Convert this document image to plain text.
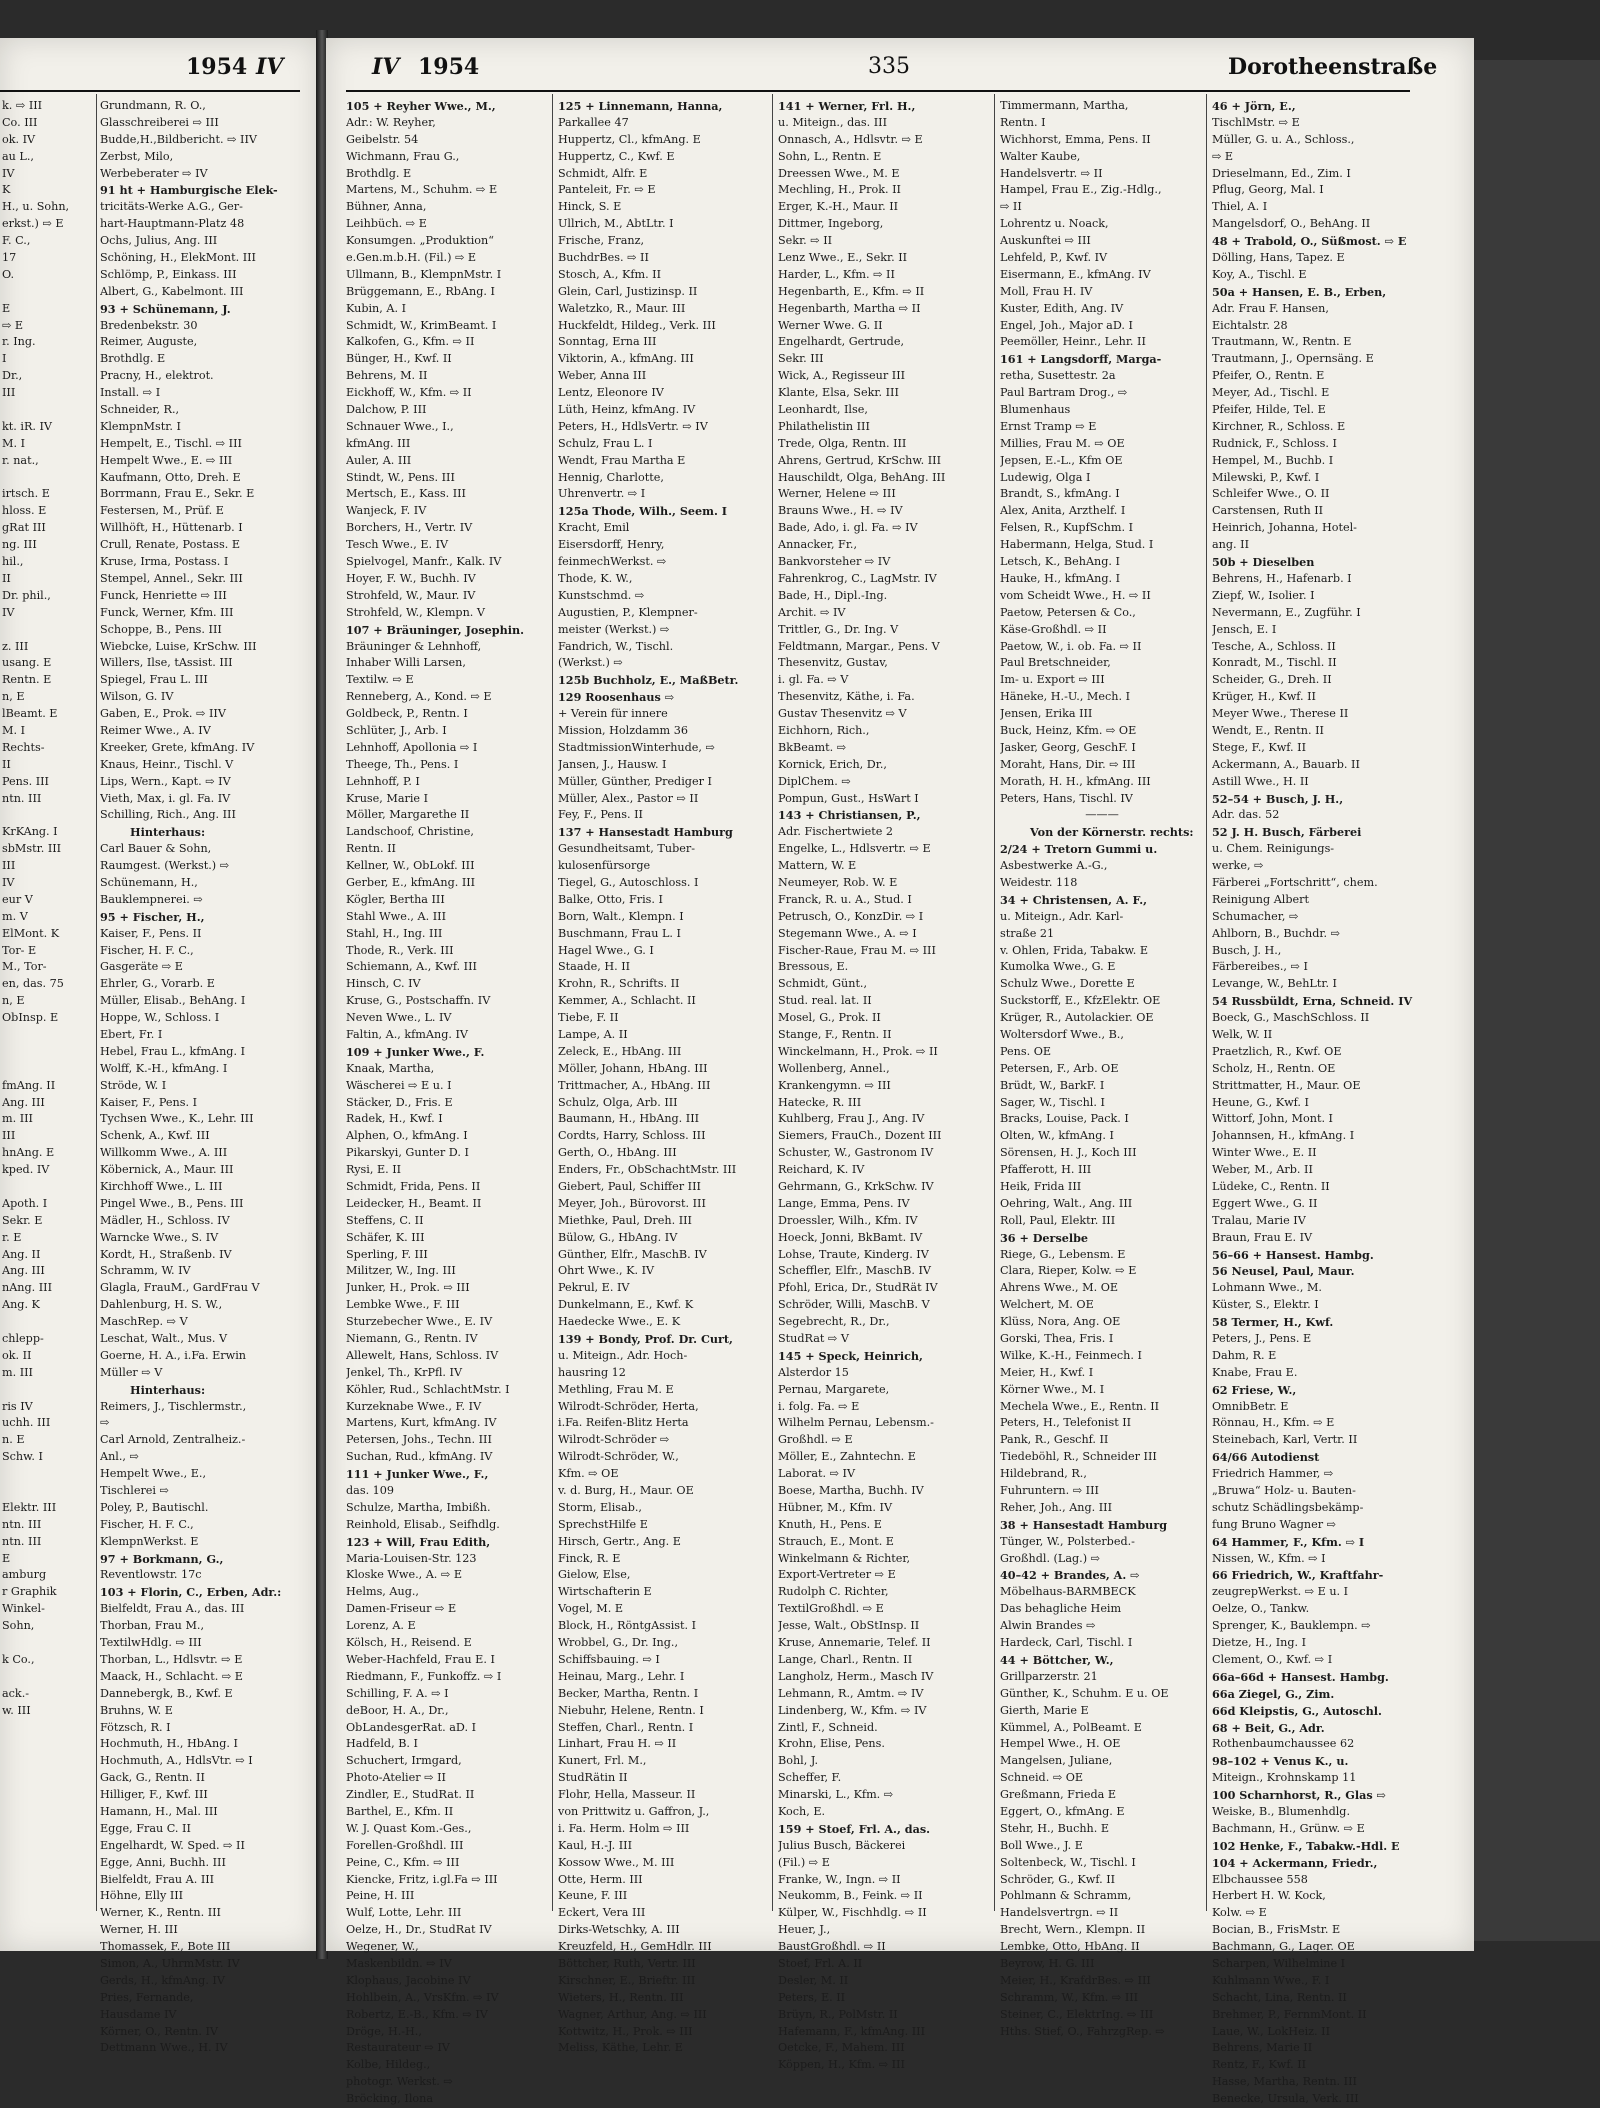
1954 IV	IV 1954	335	Dorotheenstraße
k. ⇨ III
Co. III
ok. IV
au L.,
IV
K
H., u. Sohn,
erkst.) ⇨ E
F. C.,
17
O.
E
⇨ E
r. Ing.
I
Dr.,
III
kt. iR. IV
M. I
r. nat.,
irtsch. E
hloss. E
gRat III
ng. III
hil.,
II
Dr. phil.,
IV
z. III
usang. E
Rentn. E
n, E
lBeamt. E
M. I
Rechts-
II
Pens. III
ntn. III
KrKAng. I
sbMstr. III
III
IV
eur V
m. V
ElMont. K
Tor- E
M., Tor-
en, das. 75
n, E
ObInsp. E
fmAng. II
Ang. III
m. III
III
hnAng. E
kped. IV
Apoth. I
Sekr. E
r. E
Ang. II
Ang. III
nAng. III
Ang. K
chlepp-
ok. II
m. III
ris IV
uchh. III
n. E
Schw. I
Elektr. III
ntn. III
ntn. III
E
amburg
r Graphik
Winkel-
Sohn,
k Co.,
ack.-
w. III
Grundmann, R. O.,
Glasschreiberei ⇨ III
Budde,H.,Bildbericht. ⇨ IIV
Zerbst, Milo,
Werbeberater ⇨ IV
91 ht + Hamburgische Elek-
tricitäts-Werke A.G., Ger-
hart-Hauptmann-Platz 48
Ochs, Julius, Ang. III
Schöning, H., ElekMont. III
Schlömp, P., Einkass. III
Albert, G., Kabelmont. III
93 + Schünemann, J.
Bredenbekstr. 30
Reimer, Auguste,
Brothdlg. E
Pracny, H., elektrot.
Install. ⇨ I
Schneider, R.,
KlempnMstr. I
Hempelt, E., Tischl. ⇨ III
Hempelt Wwe., E. ⇨ III
Kaufmann, Otto, Dreh. E
Borrmann, Frau E., Sekr. E
Festersen, M., Prüf. E
Willhöft, H., Hüttenarb. I
Crull, Renate, Postass. E
Kruse, Irma, Postass. I
Stempel, Annel., Sekr. III
Funck, Henriette ⇨ III
Funck, Werner, Kfm. III
Schoppe, B., Pens. III
Wiebcke, Luise, KrSchw. III
Willers, Ilse, tAssist. III
Spiegel, Frau L. III
Wilson, G. IV
Gaben, E., Prok. ⇨ IIV
Reimer Wwe., A. IV
Kreeker, Grete, kfmAng. IV
Knaus, Heinr., Tischl. V
Lips, Wern., Kapt. ⇨ IV
Vieth, Max, i. gl. Fa. IV
Schilling, Rich., Ang. III
Hinterhaus:
Carl Bauer & Sohn,
Raumgest. (Werkst.) ⇨
Schünemann, H.,
Bauklempnerei. ⇨
95 + Fischer, H.,
Kaiser, F., Pens. II
Fischer, H. F. C.,
Gasgeräte ⇨ E
Ehrler, G., Vorarb. E
Müller, Elisab., BehAng. I
Hoppe, W., Schloss. I
Ebert, Fr. I
Hebel, Frau L., kfmAng. I
Wolff, K.-H., kfmAng. I
Ströde, W. I
Kaiser, F., Pens. I
Tychsen Wwe., K., Lehr. III
Schenk, A., Kwf. III
Willkomm Wwe., A. III
Köbernick, A., Maur. III
Kirchhoff Wwe., L. III
Pingel Wwe., B., Pens. III
Mädler, H., Schloss. IV
Warncke Wwe., S. IV
Kordt, H., Straßenb. IV
Schramm, W. IV
Glagla, FrauM., GardFrau V
Dahlenburg, H. S. W.,
MaschRep. ⇨ V
Leschat, Walt., Mus. V
Goerne, H. A., i.Fa. Erwin
Müller ⇨ V
Hinterhaus:
Reimers, J., Tischlermstr.,
⇨
Carl Arnold, Zentralheiz.-
Anl., ⇨
Hempelt Wwe., E.,
Tischlerei ⇨
Poley, P., Bautischl.
Fischer, H. F. C.,
KlempnWerkst. E
97 + Borkmann, G.,
Reventlowstr. 17c
103 + Florin, C., Erben, Adr.:
Bielfeldt, Frau A., das. III
Thorban, Frau M.,
TextilwHdlg. ⇨ III
Thorban, L., Hdlsvtr. ⇨ E
Maack, H., Schlacht. ⇨ E
Dannebergk, B., Kwf. E
Bruhns, W. E
Fötzsch, R. I
Hochmuth, H., HbAng. I
Hochmuth, A., HdlsVtr. ⇨ I
Gack, G., Rentn. II
Hilliger, F., Kwf. III
Hamann, H., Mal. III
Egge, Frau C. II
Engelhardt, W. Sped. ⇨ II
Egge, Anni, Buchh. III
Bielfeldt, Frau A. III
Höhne, Elly III
Werner, K., Rentn. III
Werner, H. III
Thomassek, F., Bote III
Simon, A., UhrmMstr. IV
Gerds, H., kfmAng. IV
Pries, Fernande,
Hausdame IV
Körner, O., Rentn. IV
Dettmann Wwe., H. IV
105 + Reyher Wwe., M.,
Adr.: W. Reyher,
Geibelstr. 54
Wichmann, Frau G.,
Brothdlg. E
Martens, M., Schuhm. ⇨ E
Bühner, Anna,
Leihbüch. ⇨ E
Konsumgen. „Produktion“
e.Gen.m.b.H. (Fil.) ⇨ E
Ullmann, B., KlempnMstr. I
Brüggemann, E., RbAng. I
Kubin, A. I
Schmidt, W., KrimBeamt. I
Kalkofen, G., Kfm. ⇨ II
Bünger, H., Kwf. II
Behrens, M. II
Eickhoff, W., Kfm. ⇨ II
Dalchow, P. III
Schnauer Wwe., I.,
kfmAng. III
Auler, A. III
Stindt, W., Pens. III
Mertsch, E., Kass. III
Wanjeck, F. IV
Borchers, H., Vertr. IV
Tesch Wwe., E. IV
Spielvogel, Manfr., Kalk. IV
Hoyer, F. W., Buchh. IV
Strohfeld, W., Maur. IV
Strohfeld, W., Klempn. V
107 + Bräuninger, Josephin.
Bräuninger & Lehnhoff,
Inhaber Willi Larsen,
Textilw. ⇨ E
Renneberg, A., Kond. ⇨ E
Goldbeck, P., Rentn. I
Schlüter, J., Arb. I
Lehnhoff, Apollonia ⇨ I
Theege, Th., Pens. I
Lehnhoff, P. I
Kruse, Marie I
Möller, Margarethe II
Landschoof, Christine,
Rentn. II
Kellner, W., ObLokf. III
Gerber, E., kfmAng. III
Kögler, Bertha III
Stahl Wwe., A. III
Stahl, H., Ing. III
Thode, R., Verk. III
Schiemann, A., Kwf. III
Hinsch, C. IV
Kruse, G., Postschaffn. IV
Neven Wwe., L. IV
Faltin, A., kfmAng. IV
109 + Junker Wwe., F.
Knaak, Martha,
Wäscherei ⇨ E u. I
Stäcker, D., Fris. E
Radek, H., Kwf. I
Alphen, O., kfmAng. I
Pikarskyi, Gunter D. I
Rysi, E. II
Schmidt, Frida, Pens. II
Leidecker, H., Beamt. II
Steffens, C. II
Schäfer, K. III
Sperling, F. III
Militzer, W., Ing. III
Junker, H., Prok. ⇨ III
Lembke Wwe., F. III
Sturzebecher Wwe., E. IV
Niemann, G., Rentn. IV
Allewelt, Hans, Schloss. IV
Jenkel, Th., KrPfl. IV
Köhler, Rud., SchlachtMstr. I
Kurzeknabe Wwe., F. IV
Martens, Kurt, kfmAng. IV
Petersen, Johs., Techn. III
Suchan, Rud., kfmAng. IV
111 + Junker Wwe., F.,
das. 109
Schulze, Martha, Imbißh.
Reinhold, Elisab., Seifhdlg.
123 + Will, Frau Edith,
Maria-Louisen-Str. 123
Kloske Wwe., A. ⇨ E
Helms, Aug.,
Damen-Friseur ⇨ E
Lorenz, A. E
Kölsch, H., Reisend. E
Weber-Hachfeld, Frau E. I
Riedmann, F., Funkoffz. ⇨ I
Schilling, F. A. ⇨ I
deBoor, H. A., Dr.,
ObLandesgerRat. aD. I
Hadfeld, B. I
Schuchert, Irmgard,
Photo-Atelier ⇨ II
Zindler, E., StudRat. II
Barthel, E., Kfm. II
W. J. Quast Kom.-Ges.,
Forellen-Großhdl. III
Peine, C., Kfm. ⇨ III
Kiencke, Fritz, i.gl.Fa ⇨ III
Peine, H. III
Wulf, Lotte, Lehr. III
Oelze, H., Dr., StudRat IV
Wegener, W.,
Maskenbildn. ⇨ IV
Klophaus, Jacobine IV
Hohlbein, A., VrsKfm. ⇨ IV
Robertz, E.-B., Kfm. ⇨ IV
Dröge, H.-H.,
Restaurateur ⇨ IV
Kolbe, Hildeg.,
photogr. Werkst. ⇨
Bröcking, Ilona
125 + Linnemann, Hanna,
Parkallee 47
Huppertz, Cl., kfmAng. E
Huppertz, C., Kwf. E
Schmidt, Alfr. E
Panteleit, Fr. ⇨ E
Hinck, S. E
Ullrich, M., AbtLtr. I
Frische, Franz,
BuchdrBes. ⇨ II
Stosch, A., Kfm. II
Glein, Carl, Justizinsp. II
Waletzko, R., Maur. III
Huckfeldt, Hildeg., Verk. III
Sonntag, Erna III
Viktorin, A., kfmAng. III
Weber, Anna III
Lentz, Eleonore IV
Lüth, Heinz, kfmAng. IV
Peters, H., HdlsVertr. ⇨ IV
Schulz, Frau L. I
Wendt, Frau Martha E
Hennig, Charlotte,
Uhrenvertr. ⇨ I
125a Thode, Wilh., Seem. I
Kracht, Emil
Eisersdorff, Henry,
feinmechWerkst. ⇨
Thode, K. W.,
Kunstschmd. ⇨
Augustien, P., Klempner-
meister (Werkst.) ⇨
Fandrich, W., Tischl.
(Werkst.) ⇨
125b Buchholz, E., MaßBetr.
129 Roosenhaus ⇨
+ Verein für innere
Mission, Holzdamm 36
StadtmissionWinterhude, ⇨
Jansen, J., Hausw. I
Müller, Günther, Prediger I
Müller, Alex., Pastor ⇨ II
Fey, F., Pens. II
137 + Hansestadt Hamburg
Gesundheitsamt, Tuber-
kulosenfürsorge
Tiegel, G., Autoschloss. I
Balke, Otto, Fris. I
Born, Walt., Klempn. I
Buschmann, Frau L. I
Hagel Wwe., G. I
Staade, H. II
Krohn, R., Schrifts. II
Kemmer, A., Schlacht. II
Tiebe, F. II
Lampe, A. II
Zeleck, E., HbAng. III
Möller, Johann, HbAng. III
Trittmacher, A., HbAng. III
Schulz, Olga, Arb. III
Baumann, H., HbAng. III
Cordts, Harry, Schloss. III
Gerth, O., HbAng. III
Enders, Fr., ObSchachtMstr. III
Giebert, Paul, Schiffer III
Meyer, Joh., Bürovorst. III
Miethke, Paul, Dreh. III
Bülow, G., HbAng. IV
Günther, Elfr., MaschB. IV
Ohrt Wwe., K. IV
Pekrul, E. IV
Dunkelmann, E., Kwf. K
Haedecke Wwe., E. K
139 + Bondy, Prof. Dr. Curt,
u. Miteign., Adr. Hoch-
hausring 12
Methling, Frau M. E
Wilrodt-Schröder, Herta,
i.Fa. Reifen-Blitz Herta
Wilrodt-Schröder ⇨
Wilrodt-Schröder, W.,
Kfm. ⇨ OE
v. d. Burg, H., Maur. OE
Storm, Elisab.,
SprechstHilfe E
Hirsch, Gertr., Ang. E
Finck, R. E
Gielow, Else,
Wirtschafterin E
Vogel, M. E
Block, H., RöntgAssist. I
Wrobbel, G., Dr. Ing.,
Schiffsbauing. ⇨ I
Heinau, Marg., Lehr. I
Becker, Martha, Rentn. I
Niebuhr, Helene, Rentn. I
Steffen, Charl., Rentn. I
Linhart, Frau H. ⇨ II
Kunert, Frl. M.,
StudRätin II
Flohr, Hella, Masseur. II
von Prittwitz u. Gaffron, J.,
i. Fa. Herm. Holm ⇨ III
Kaul, H.-J. III
Kossow Wwe., M. III
Otte, Herm. III
Keune, F. III
Eckert, Vera III
Dirks-Wetschky, A. III
Kreuzfeld, H., GemHdlr. III
Böttcher, Ruth, Vertr. III
Kirschner, E., Brieftr. III
Wieters, H., Rentn. III
Wagner, Arthur, Ang. ⇨ III
Kottwitz, H., Prok. ⇨ III
Meliss, Käthe, Lehr. E
141 + Werner, Frl. H.,
u. Miteign., das. III
Onnasch, A., Hdlsvtr. ⇨ E
Sohn, L., Rentn. E
Dreessen Wwe., M. E
Mechling, H., Prok. II
Erger, K.-H., Maur. II
Dittmer, Ingeborg,
Sekr. ⇨ II
Lenz Wwe., E., Sekr. II
Harder, L., Kfm. ⇨ II
Hegenbarth, E., Kfm. ⇨ II
Hegenbarth, Martha ⇨ II
Werner Wwe. G. II
Engelhardt, Gertrude,
Sekr. III
Wick, A., Regisseur III
Klante, Elsa, Sekr. III
Leonhardt, Ilse,
Philathelistin III
Trede, Olga, Rentn. III
Ahrens, Gertrud, KrSchw. III
Hauschildt, Olga, BehAng. III
Werner, Helene ⇨ III
Brauns Wwe., H. ⇨ IV
Bade, Ado, i. gl. Fa. ⇨ IV
Annacker, Fr.,
Bankvorsteher ⇨ IV
Fahrenkrog, C., LagMstr. IV
Bade, H., Dipl.-Ing.
Archit. ⇨ IV
Trittler, G., Dr. Ing. V
Feldtmann, Margar., Pens. V
Thesenvitz, Gustav,
i. gl. Fa. ⇨ V
Thesenvitz, Käthe, i. Fa.
Gustav Thesenvitz ⇨ V
Eichhorn, Rich.,
BkBeamt. ⇨
Kornick, Erich, Dr.,
DiplChem. ⇨
Pompun, Gust., HsWart I
143 + Christiansen, P.,
Adr. Fischertwiete 2
Engelke, L., Hdlsvertr. ⇨ E
Mattern, W. E
Neumeyer, Rob. W. E
Franck, R. u. A., Stud. I
Petrusch, O., KonzDir. ⇨ I
Stegemann Wwe., A. ⇨ I
Fischer-Raue, Frau M. ⇨ III
Bressous, E.
Schmidt, Günt.,
Stud. real. lat. II
Mosel, G., Prok. II
Stange, F., Rentn. II
Winckelmann, H., Prok. ⇨ II
Wollenberg, Annel.,
Krankengymn. ⇨ III
Hatecke, R. III
Kuhlberg, Frau J., Ang. IV
Siemers, FrauCh., Dozent III
Schuster, W., Gastronom IV
Reichard, K. IV
Gehrmann, G., KrkSchw. IV
Lange, Emma, Pens. IV
Droessler, Wilh., Kfm. IV
Hoeck, Jonni, BkBamt. IV
Lohse, Traute, Kinderg. IV
Scheffler, Elfr., MaschB. IV
Pfohl, Erica, Dr., StudRät IV
Schröder, Willi, MaschB. V
Segebrecht, R., Dr.,
StudRat ⇨ V
145 + Speck, Heinrich,
Alsterdor 15
Pernau, Margarete,
i. folg. Fa. ⇨ E
Wilhelm Pernau, Lebensm.-
Großhdl. ⇨ E
Möller, E., Zahntechn. E
Laborat. ⇨ IV
Boese, Martha, Buchh. IV
Hübner, M., Kfm. IV
Knuth, H., Pens. E
Strauch, E., Mont. E
Winkelmann & Richter,
Export-Vertreter ⇨ E
Rudolph C. Richter,
TextilGroßhdl. ⇨ E
Jesse, Walt., ObStInsp. II
Kruse, Annemarie, Telef. II
Lange, Charl., Rentn. II
Langholz, Herm., Masch IV
Lehmann, R., Amtm. ⇨ IV
Lindenberg, W., Kfm. ⇨ IV
Zintl, F., Schneid.
Krohn, Elise, Pens.
Bohl, J.
Scheffer, F.
Minarski, L., Kfm. ⇨
Koch, E.
159 + Stoef, Frl. A., das.
Julius Busch, Bäckerei
(Fil.) ⇨ E
Franke, W., Ingn. ⇨ II
Neukomm, B., Feink. ⇨ II
Külper, W., Fischhdlg. ⇨ II
Heuer, J.,
BaustGroßhdl. ⇨ II
Stoef, Frl. A. II
Desler, M. II
Peters, E. II
Brüyn, R., PolMstr. II
Hafemann, F., kfmAng. III
Oetcke, F., Mahem. III
Köppen, H., Kfm. ⇨ III
Timmermann, Martha,
Rentn. I
Wichhorst, Emma, Pens. II
Walter Kaube,
Handelsvertr. ⇨ II
Hampel, Frau E., Zig.-Hdlg.,
⇨ II
Lohrentz u. Noack,
Auskunftei ⇨ III
Lehfeld, P., Kwf. IV
Eisermann, E., kfmAng. IV
Moll, Frau H. IV
Kuster, Edith, Ang. IV
Engel, Joh., Major aD. I
Peemöller, Heinr., Lehr. II
161 + Langsdorff, Marga-
retha, Susettestr. 2a
Paul Bartram Drog., ⇨
Blumenhaus
Ernst Tramp ⇨ E
Millies, Frau M. ⇨ OE
Jepsen, E.-L., Kfm OE
Ludewig, Olga I
Brandt, S., kfmAng. I
Alex, Anita, Arzthelf. I
Felsen, R., KupfSchm. I
Habermann, Helga, Stud. I
Letsch, K., BehAng. I
Hauke, H., kfmAng. I
vom Scheidt Wwe., H. ⇨ II
Paetow, Petersen & Co.,
Käse-Großhdl. ⇨ II
Paetow, W., i. ob. Fa. ⇨ II
Paul Bretschneider,
Im- u. Export ⇨ III
Häneke, H.-U., Mech. I
Jensen, Erika III
Buck, Heinz, Kfm. ⇨ OE
Jasker, Georg, GeschF. I
Moraht, Hans, Dir. ⇨ III
Morath, H. H., kfmAng. III
Peters, Hans, Tischl. IV
———
Von der Körnerstr. rechts:
2/24 + Tretorn Gummi u.
Asbestwerke A.-G.,
Weidestr. 118
34 + Christensen, A. F.,
u. Miteign., Adr. Karl-
straße 21
v. Ohlen, Frida, Tabakw. E
Kumolka Wwe., G. E
Schulz Wwe., Dorette E
Suckstorff, E., KfzElektr. OE
Krüger, R., Autolackier. OE
Woltersdorf Wwe., B.,
Pens. OE
Petersen, F., Arb. OE
Brüdt, W., BarkF. I
Sager, W., Tischl. I
Bracks, Louise, Pack. I
Olten, W., kfmAng. I
Sörensen, H. J., Koch III
Pfafferott, H. III
Heik, Frida III
Oehring, Walt., Ang. III
Roll, Paul, Elektr. III
36 + Derselbe
Riege, G., Lebensm. E
Clara, Rieper, Kolw. ⇨ E
Ahrens Wwe., M. OE
Welchert, M. OE
Klüss, Nora, Ang. OE
Gorski, Thea, Fris. I
Wilke, K.-H., Feinmech. I
Meier, H., Kwf. I
Körner Wwe., M. I
Mechela Wwe., E., Rentn. II
Peters, H., Telefonist II
Pank, R., Geschf. II
Tiedeböhl, R., Schneider III
Hildebrand, R.,
Fuhruntern. ⇨ III
Reher, Joh., Ang. III
38 + Hansestadt Hamburg
Tünger, W., Polsterbed.-
Großhdl. (Lag.) ⇨
40–42 + Brandes, A. ⇨
Möbelhaus-BARMBECK
Das behagliche Heim
Alwin Brandes ⇨
Hardeck, Carl, Tischl. I
44 + Böttcher, W.,
Grillparzerstr. 21
Günther, K., Schuhm. E u. OE
Gierth, Marie E
Kümmel, A., PolBeamt. E
Hempel Wwe., H. OE
Mangelsen, Juliane,
Schneid. ⇨ OE
Greßmann, Frieda E
Eggert, O., kfmAng. E
Stehr, H., Buchh. E
Boll Wwe., J. E
Soltenbeck, W., Tischl. I
Schröder, G., Kwf. II
Pohlmann & Schramm,
Handelsvertrgn. ⇨ II
Brecht, Wern., Klempn. II
Lembke, Otto, HbAng. II
Beyrow, H. G. III
Meier, H., KrafdrBes. ⇨ III
Schramm, W., Kfm. ⇨ III
Steiner, C., ElektrIng. ⇨ III
Hths. Stief, O., FahrzgRep. ⇨
46 + Jörn, E.,
TischlMstr. ⇨ E
Müller, G. u. A., Schloss.,
⇨ E
Drieselmann, Ed., Zim. I
Pflug, Georg, Mal. I
Thiel, A. I
Mangelsdorf, O., BehAng. II
48 + Trabold, O., Süßmost. ⇨ E
Dölling, Hans, Tapez. E
Koy, A., Tischl. E
50a + Hansen, E. B., Erben,
Adr. Frau F. Hansen,
Eichtalstr. 28
Trautmann, W., Rentn. E
Trautmann, J., Opernsäng. E
Pfeifer, O., Rentn. E
Meyer, Ad., Tischl. E
Pfeifer, Hilde, Tel. E
Kirchner, R., Schloss. E
Rudnick, F., Schloss. I
Hempel, M., Buchb. I
Milewski, P., Kwf. I
Schleifer Wwe., O. II
Carstensen, Ruth II
Heinrich, Johanna, Hotel-
ang. II
50b + Dieselben
Behrens, H., Hafenarb. I
Ziepf, W., Isolier. I
Nevermann, E., Zugführ. I
Jensch, E. I
Tesche, A., Schloss. II
Konradt, M., Tischl. II
Scheider, G., Dreh. II
Krüger, H., Kwf. II
Meyer Wwe., Therese II
Wendt, E., Rentn. II
Stege, F., Kwf. II
Ackermann, A., Bauarb. II
Astill Wwe., H. II
52–54 + Busch, J. H.,
Adr. das. 52
52 J. H. Busch, Färberei
u. Chem. Reinigungs-
werke, ⇨
Färberei „Fortschritt“, chem.
Reinigung Albert
Schumacher, ⇨
Ahlborn, B., Buchdr. ⇨
Busch, J. H.,
Färbereibes., ⇨ I
Levange, W., BehLtr. I
54 Russbüldt, Erna, Schneid. IV
Boeck, G., MaschSchloss. II
Welk, W. II
Praetzlich, R., Kwf. OE
Scholz, H., Rentn. OE
Strittmatter, H., Maur. OE
Heune, G., Kwf. I
Wittorf, John, Mont. I
Johannsen, H., kfmAng. I
Winter Wwe., E. II
Weber, M., Arb. II
Lüdeke, C., Rentn. II
Eggert Wwe., G. II
Tralau, Marie IV
Braun, Frau E. IV
56–66 + Hansest. Hambg.
56 Neusel, Paul, Maur.
Lohmann Wwe., M.
Küster, S., Elektr. I
58 Termer, H., Kwf.
Peters, J., Pens. E
Dahm, R. E
Knabe, Frau E.
62 Friese, W.,
OmnibBetr. E
Rönnau, H., Kfm. ⇨ E
Steinebach, Karl, Vertr. II
64/66 Autodienst
Friedrich Hammer, ⇨
„Bruwa“ Holz- u. Bauten-
schutz Schädlingsbekämp-
fung Bruno Wagner ⇨
64 Hammer, F., Kfm. ⇨ I
Nissen, W., Kfm. ⇨ I
66 Friedrich, W., Kraftfahr-
zeugrepWerkst. ⇨ E u. I
Oelze, O., Tankw.
Sprenger, K., Bauklempn. ⇨
Dietze, H., Ing. I
Clement, O., Kwf. ⇨ I
66a–66d + Hansest. Hambg.
66a Ziegel, G., Zim.
66d Kleipstis, G., Autoschl.
68 + Beit, G., Adr.
Rothenbaumchaussee 62
98–102 + Venus K., u.
Miteign., Krohnskamp 11
100 Scharnhorst, R., Glas ⇨
Weiske, B., Blumenhdlg.
Bachmann, H., Grünw. ⇨ E
102 Henke, F., Tabakw.-Hdl. E
104 + Ackermann, Friedr.,
Elbchaussee 558
Herbert H. W. Kock,
Kolw. ⇨ E
Bocian, B., FrisMstr. E
Bachmann, G., Lager. OE
Scharpen, Wilhelmine I
Kuhlmann Wwe., F. I
Schacht, Lina, Rentn. II
Brehmer, P., FernmMont. II
Laue, W., LokHeiz. II
Behrens, Marie II
Rentz, F., Kwf. II
Hasse, Martha, Rentn. III
Benecke, Ursula, Verk. III
